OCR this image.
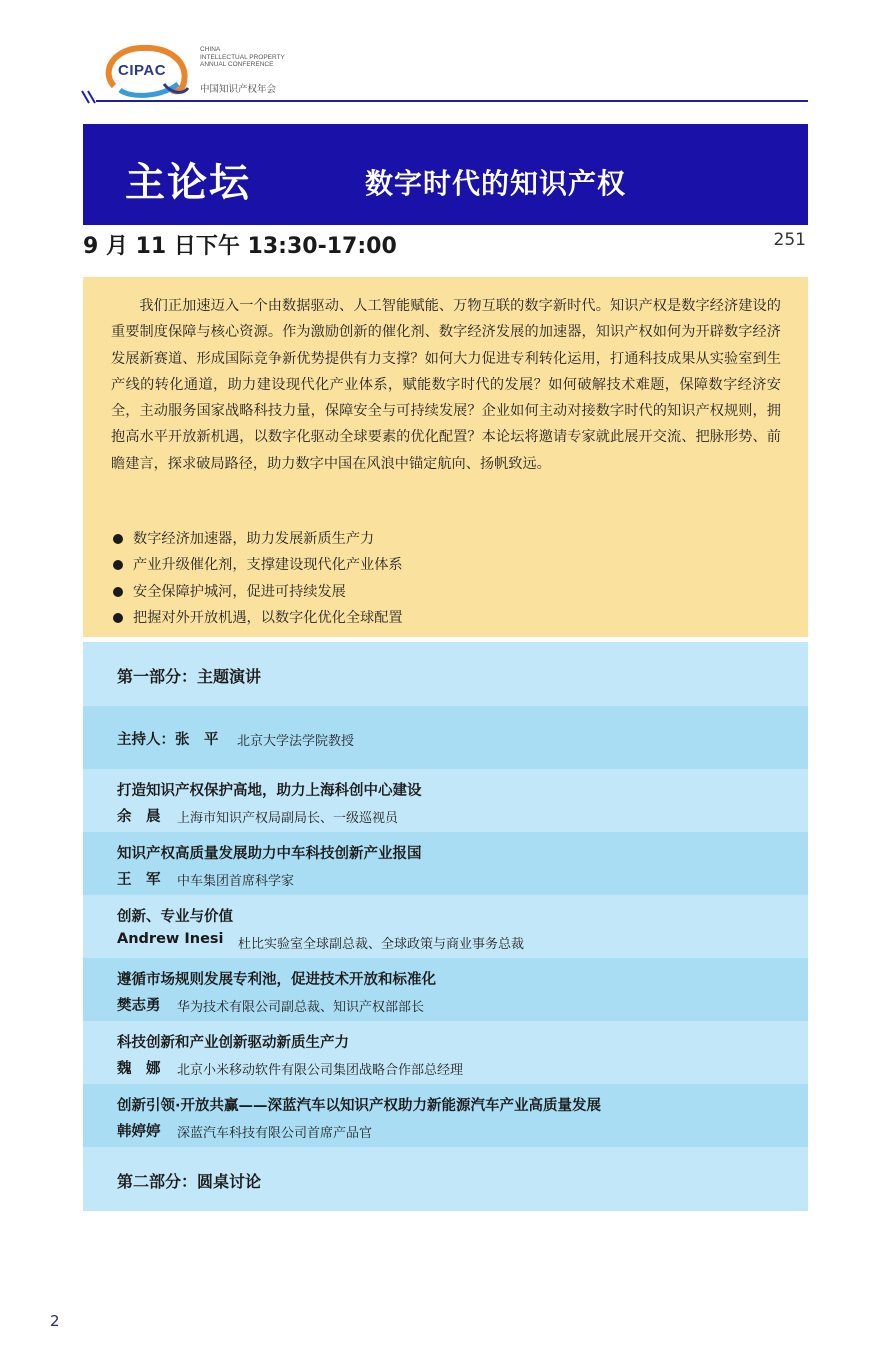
CIPAC
CHINA
INTELLECTUAL PROPERTY
ANNUAL CONFERENCE
中国知识产权年会
主论坛	数字时代的知识产权
9 月 11 日下午 13:30-17:00	251

我们正加速迈入一个由数据驱动、人工智能赋能、万物互联的数字新时代。知识产权是数字经济建设的重要制度保障与核心资源。作为激励创新的催化剂、数字经济发展的加速器，知识产权如何为开辟数字经济发展新赛道、形成国际竞争新优势提供有力支撑？如何大力促进专利转化运用，打通科技成果从实验室到生产线的转化通道，助力建设现代化产业体系，赋能数字时代的发展？如何破解技术难题，保障数字经济安全，主动服务国家战略科技力量，保障安全与可持续发展？企业如何主动对接数字时代的知识产权规则，拥抱高水平开放新机遇，以数字化驱动全球要素的优化配置？本论坛将邀请专家就此展开交流、把脉形势、前瞻建言，探求破局路径，助力数字中国在风浪中锚定航向、扬帆致远。

数字经济加速器，助力发展新质生产力
产业升级催化剂，支撑建设现代化产业体系
安全保障护城河，促进可持续发展
把握对外开放机遇，以数字化优化全球配置
第一部分：主题演讲
主持人：张　平 北京大学法学院教授
打造知识产权保护高地，助力上海科创中心建设
余　晨 上海市知识产权局副局长、一级巡视员
知识产权高质量发展助力中车科技创新产业报国
王　军 中车集团首席科学家
创新、专业与价值
Andrew Inesi 杜比实验室全球副总裁、全球政策与商业事务总裁
遵循市场规则发展专利池，促进技术开放和标准化
樊志勇 华为技术有限公司副总裁、知识产权部部长
科技创新和产业创新驱动新质生产力
魏　娜 北京小米移动软件有限公司集团战略合作部总经理
创新引领·开放共赢——深蓝汽车以知识产权助力新能源汽车产业高质量发展
韩婷婷 深蓝汽车科技有限公司首席产品官
第二部分：圆桌讨论
2
